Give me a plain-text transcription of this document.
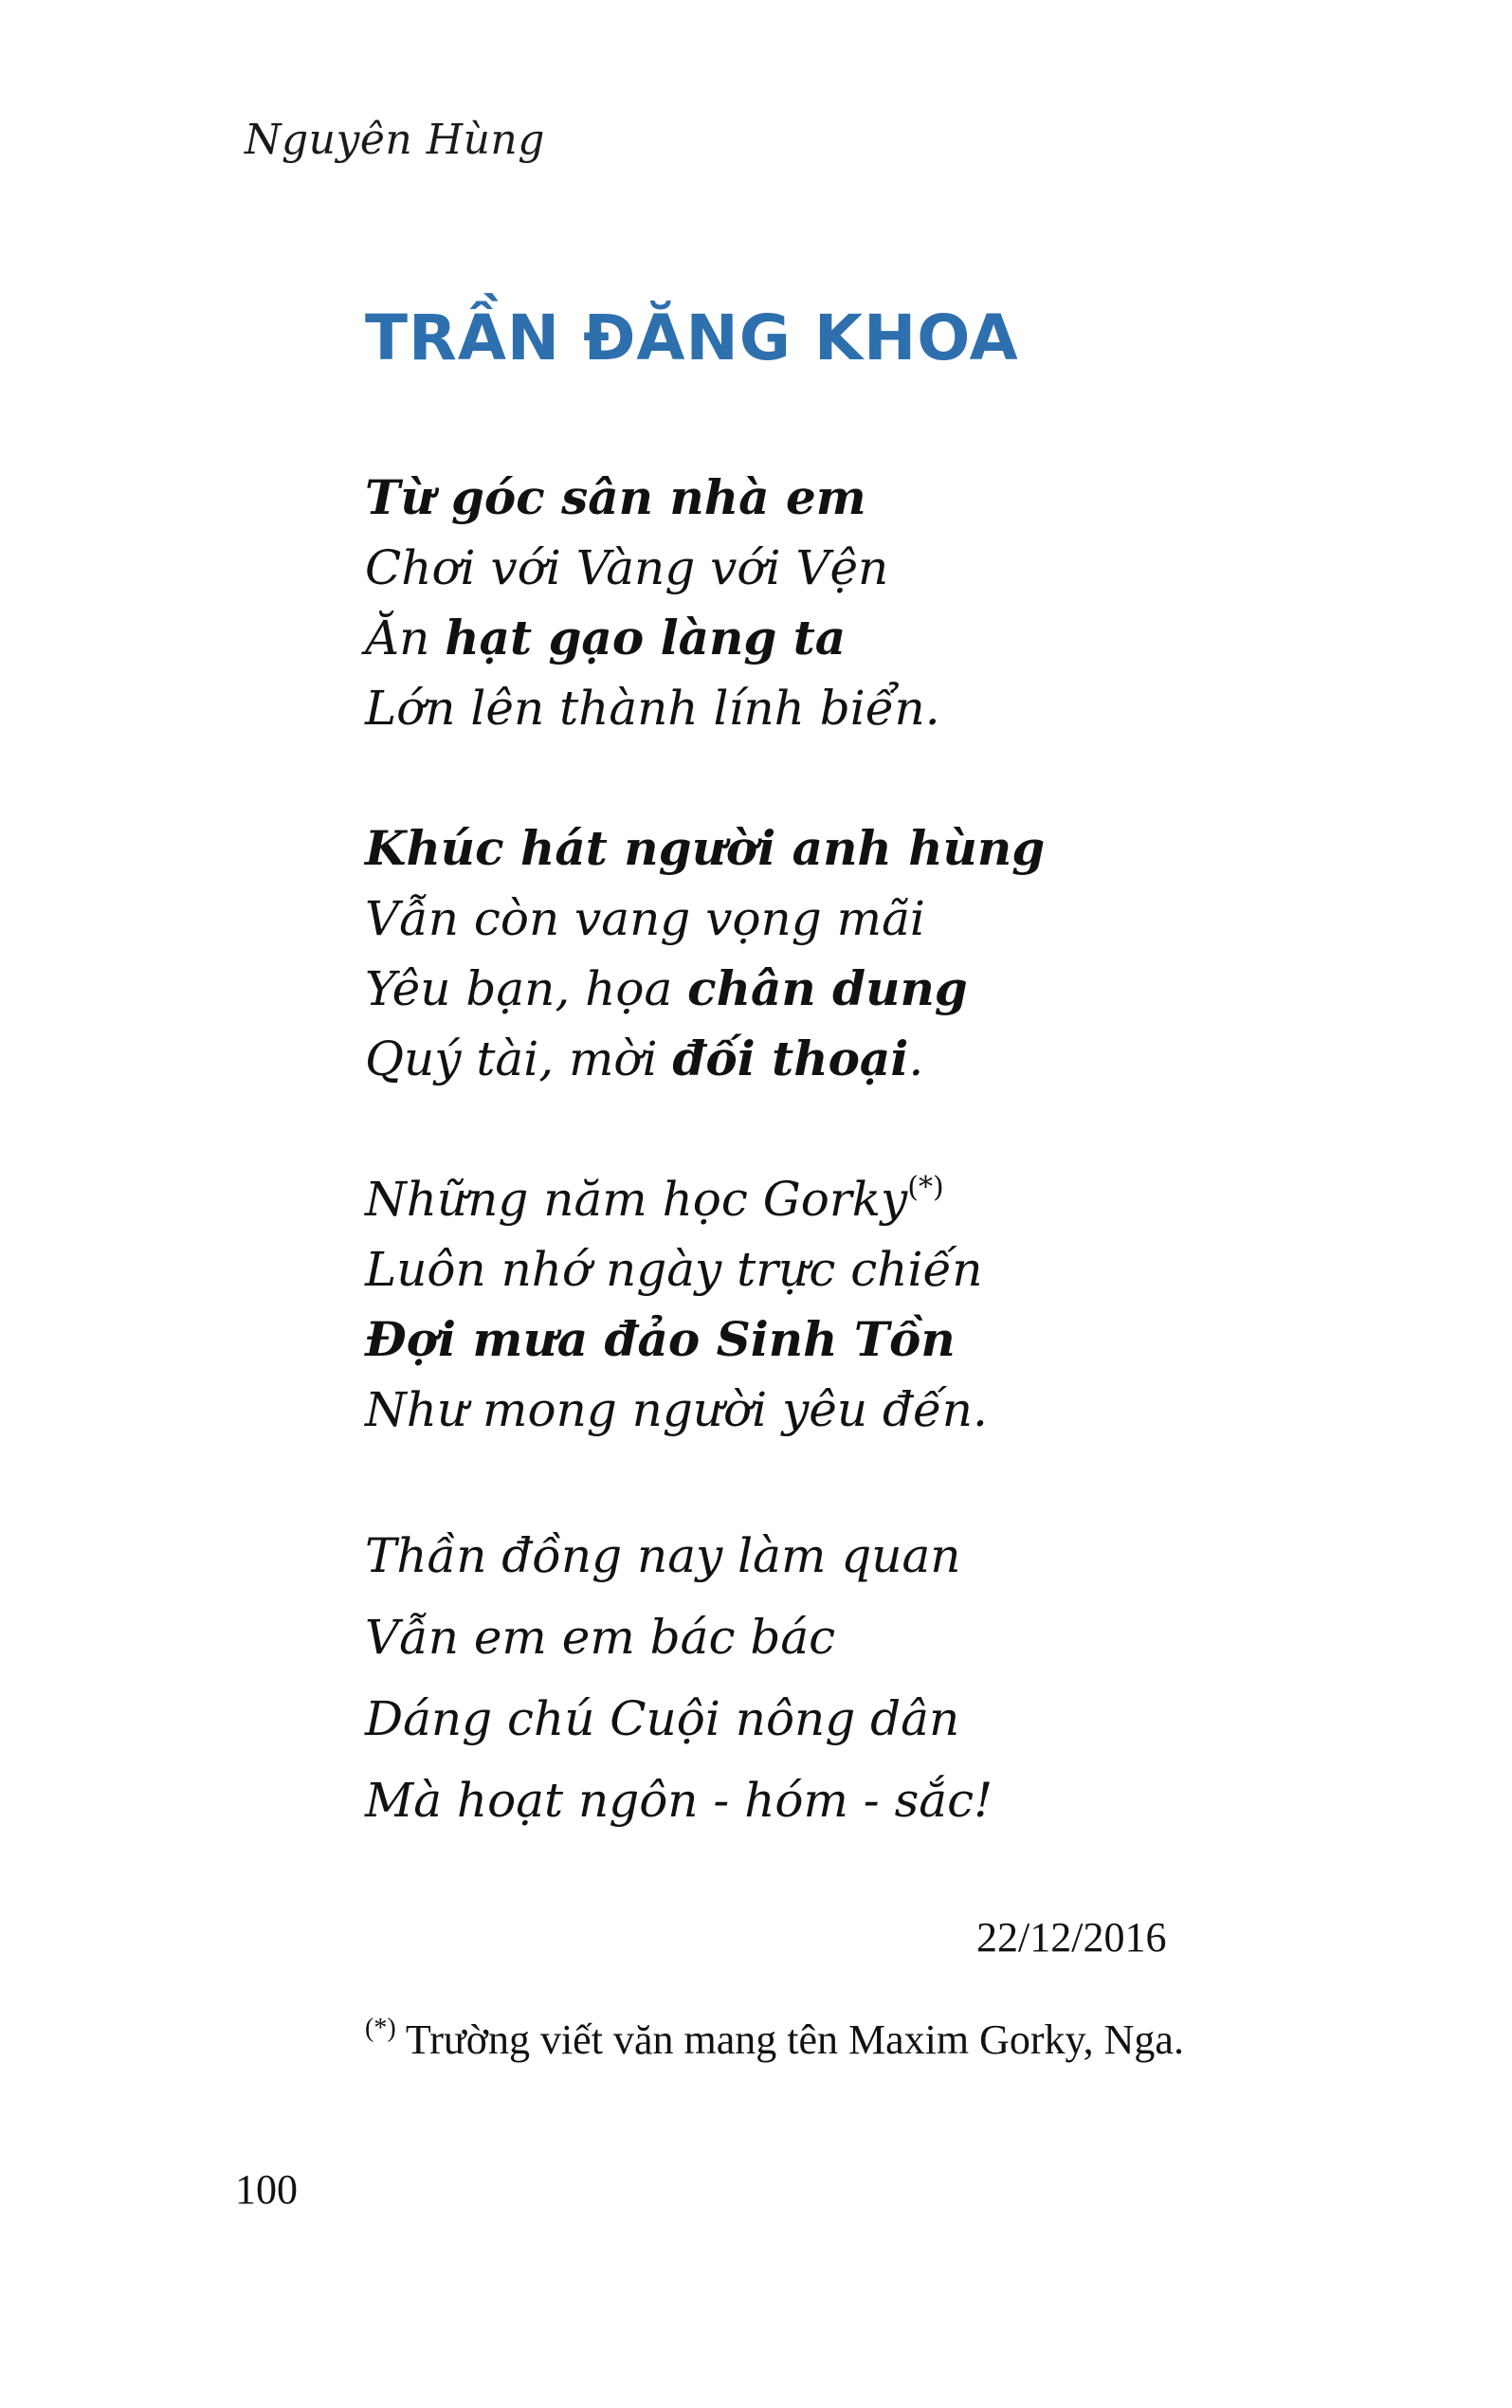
Nguyên Hùng
TRẦN ĐĂNG KHOA
Từ góc sân nhà em
Chơi với Vàng với Vện
Ăn hạt gạo làng ta
Lớn lên thành lính biển.
Khúc hát người anh hùng
Vẫn còn vang vọng mãi
Yêu bạn, họa chân dung
Quý tài, mời đối thoại.
Những năm học Gorky(*)
Luôn nhớ ngày trực chiến
Đợi mưa đảo Sinh Tồn
Như mong người yêu đến.
Thần đồng nay làm quan
Vẫn em em bác bác
Dáng chú Cuội nông dân
Mà hoạt ngôn - hóm - sắc!
22/12/2016
(*) Trường viết văn mang tên Maxim Gorky, Nga.
100
